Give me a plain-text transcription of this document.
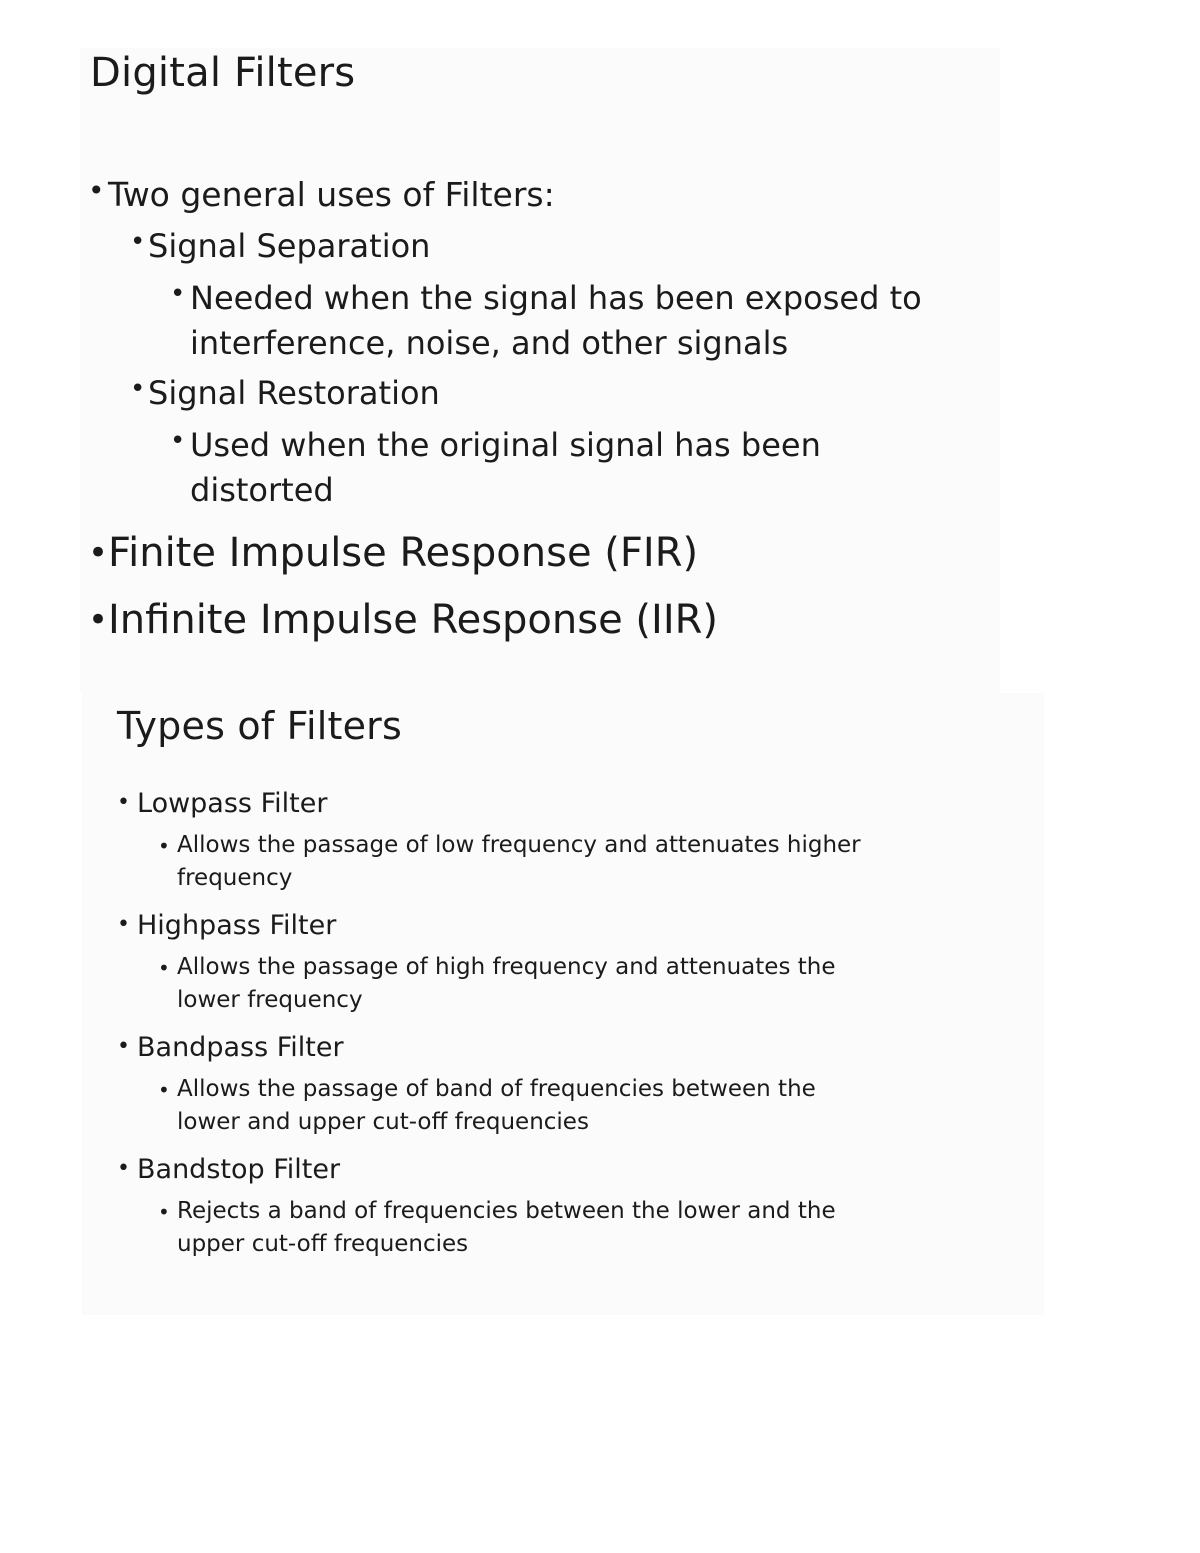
Digital Filters

• Two general uses of Filters:

• Signal Separation

• Needed when the signal has been exposed to

interference, noise, and other signals

• Signal Restoration

• Used when the original signal has been

distorted

• Finite Impulse Response (FIR)

• Infinite Impulse Response (IIR)

Types of Filters

• Lowpass Filter

• Allows the passage of low frequency and attenuates higher

frequency

• Highpass Filter

• Allows the passage of high frequency and attenuates the

lower frequency

• Bandpass Filter

• Allows the passage of band of frequencies between the

lower and upper cut-off frequencies

• Bandstop Filter

• Rejects a band of frequencies between the lower and the

upper cut-off frequencies
